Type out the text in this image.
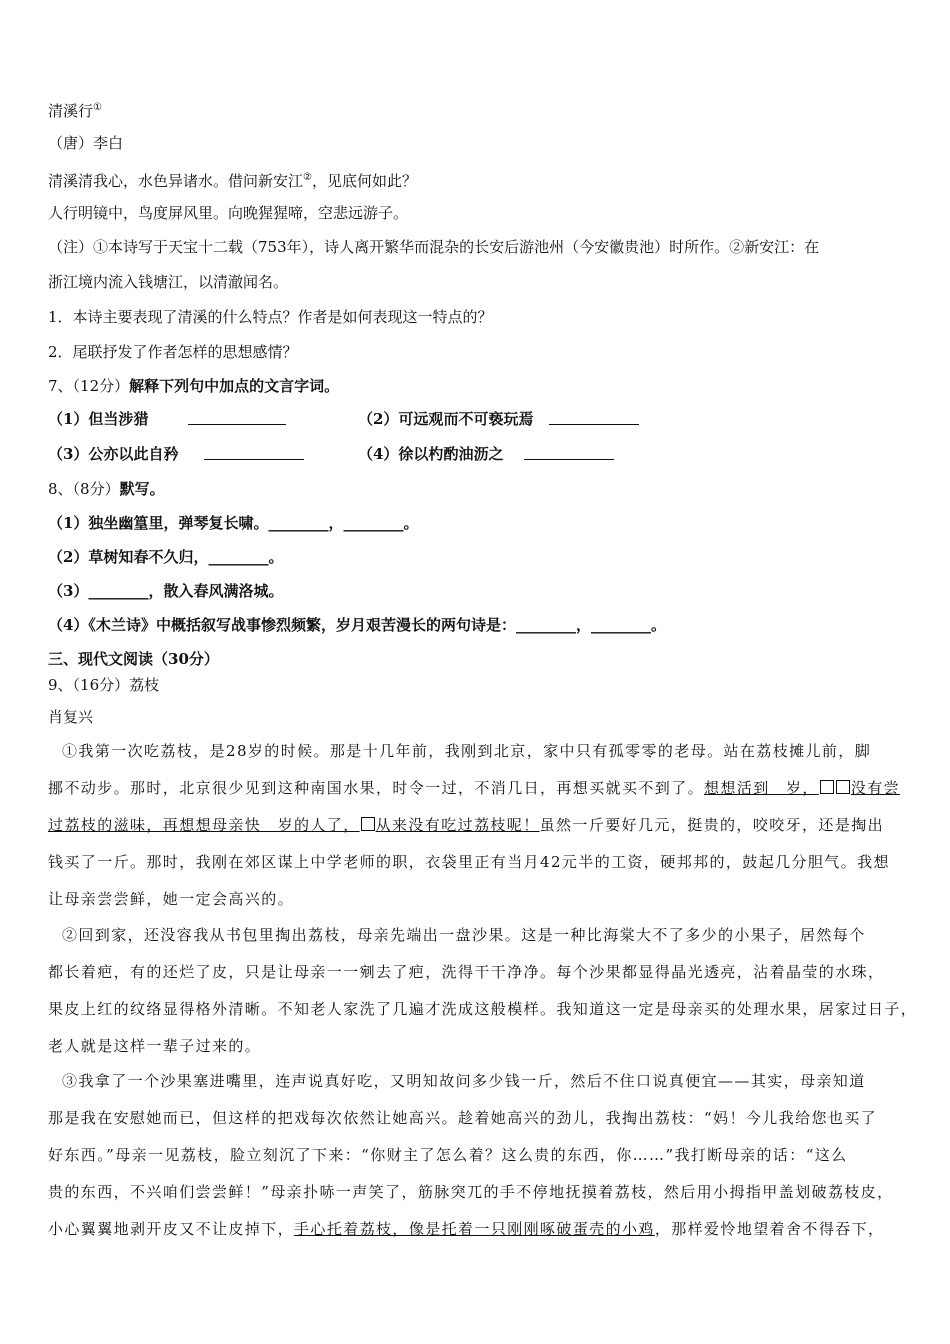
清溪行①
（唐）李白
清溪清我心，水色异诸水。借问新安江②，见底何如此？
人行明镜中，鸟度屏风里。向晚猩猩啼，空悲远游子。
（注）①本诗写于天宝十二载（753年），诗人离开繁华而混杂的长安后游池州（今安徽贵池）时所作。②新安江：在
浙江境内流入钱塘江，以清澈闻名。
1．本诗主要表现了清溪的什么特点？作者是如何表现这一特点的？
2．尾联抒发了作者怎样的思想感情？
7、（12分）解释下列句中加点的文言字词。
（1）但当涉猎	（2）可远观而不可亵玩焉
（3）公亦以此自矜	（4）徐以杓酌油沥之
8、（8分）默写。
（1）独坐幽篁里，弹琴复长啸。________，________。
（2）草树知春不久归，________。
（3）________，散入春风满洛城。
（4）《木兰诗》中概括叙写战事惨烈频繁，岁月艰苦漫长的两句诗是：________，________。
三、现代文阅读（30分）
9、（16分）荔枝
肖复兴
①我第一次吃荔枝，是28岁的时候。那是十几年前，我刚到北京，家中只有孤零零的老母。站在荔枝摊儿前，脚
挪不动步。那时，北京很少见到这种南国水果，时令一过，不消几日，再想买就买不到了。想想活到　岁， 没有尝
过荔枝的滋味，再想想母亲快　岁的人了， 从来没有吃过荔枝呢！虽然一斤要好几元，挺贵的，咬咬牙，还是掏出
钱买了一斤。那时，我刚在郊区谋上中学老师的职，衣袋里正有当月42元半的工资，硬邦邦的，鼓起几分胆气。我想
让母亲尝尝鲜，她一定会高兴的。
②回到家，还没容我从书包里掏出荔枝，母亲先端出一盘沙果。这是一种比海棠大不了多少的小果子，居然每个
都长着疤，有的还烂了皮，只是让母亲一一剜去了疤，洗得干干净净。每个沙果都显得晶光透亮，沾着晶莹的水珠，
果皮上红的纹络显得格外清晰。不知老人家洗了几遍才洗成这般模样。我知道这一定是母亲买的处理水果，居家过日子，
老人就是这样一辈子过来的。
③我拿了一个沙果塞进嘴里，连声说真好吃，又明知故问多少钱一斤，然后不住口说真便宜——其实，母亲知道
那是我在安慰她而已，但这样的把戏每次依然让她高兴。趁着她高兴的劲儿，我掏出荔枝：“妈！今儿我给您也买了
好东西。”母亲一见荔枝，脸立刻沉了下来：“你财主了怎么着？这么贵的东西，你……”我打断母亲的话：“这么
贵的东西，不兴咱们尝尝鲜！”母亲扑哧一声笑了，筋脉突兀的手不停地抚摸着荔枝，然后用小拇指甲盖划破荔枝皮，
小心翼翼地剥开皮又不让皮掉下，手心托着荔枝，像是托着一只刚刚啄破蛋壳的小鸡，那样爱怜地望着舍不得吞下，
